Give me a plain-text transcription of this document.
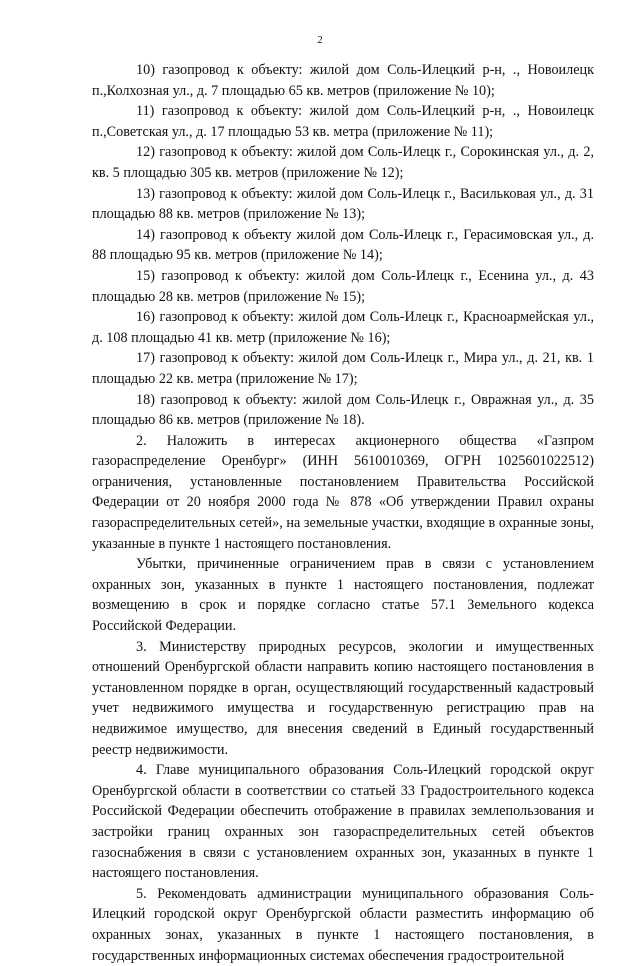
2

10) газопровод к объекту: жилой дом Соль-Илецкий р-н, ., Новоилецк п.,Колхозная ул., д. 7 площадью 65 кв. метров (приложение № 10);

11) газопровод к объекту: жилой дом Соль-Илецкий р-н, ., Новоилецк п.,Советская ул., д. 17 площадью 53 кв. метра (приложение № 11);

12) газопровод к объекту: жилой дом Соль-Илецк г., Сорокинская ул., д. 2, кв. 5 площадью 305 кв. метров (приложение № 12);

13) газопровод к объекту: жилой дом Соль-Илецк г., Васильковая ул., д. 31 площадью 88 кв. метров (приложение № 13);

14) газопровод к объекту жилой дом Соль-Илецк г., Герасимовская ул., д. 88 площадью 95 кв. метров (приложение № 14);

15) газопровод к объекту: жилой дом Соль-Илецк г., Есенина ул., д. 43 площадью 28 кв. метров (приложение № 15);

16) газопровод к объекту: жилой дом Соль-Илецк г., Красноармейская ул., д. 108 площадью 41 кв. метр (приложение № 16);

17) газопровод к объекту: жилой дом Соль-Илецк г., Мира ул., д. 21, кв. 1 площадью 22 кв. метра (приложение № 17);

18) газопровод к объекту: жилой дом Соль-Илецк г., Овражная ул., д. 35 площадью 86 кв. метров (приложение № 18).

2. Наложить в интересах акционерного общества «Газпром газораспределение Оренбург» (ИНН 5610010369, ОГРН 1025601022512) ограничения, установленные постановлением Правительства Российской Федерации от 20 ноября 2000 года № 878 «Об утверждении Правил охраны газораспределительных сетей», на земельные участки, входящие в охранные зоны, указанные в пункте 1 настоящего постановления.

Убытки, причиненные ограничением прав в связи с установлением охранных зон, указанных в пункте 1 настоящего постановления, подлежат возмещению в срок и порядке согласно статье 57.1 Земельного кодекса Российской Федерации.

3. Министерству природных ресурсов, экологии и имущественных отношений Оренбургской области направить копию настоящего постановления в установленном порядке в орган, осуществляющий государственный кадастровый учет недвижимого имущества и государственную регистрацию прав на недвижимое имущество, для внесения сведений в Единый государственный реестр недвижимости.

4. Главе муниципального образования Соль-Илецкий городской округ Оренбургской области в соответствии со статьей 33 Градостроительного кодекса Российской Федерации обеспечить отображение в правилах землепользования и застройки границ охранных зон газораспределительных сетей объектов газоснабжения в связи с установлением охранных зон, указанных в пункте 1 настоящего постановления.

5. Рекомендовать администрации муниципального образования Соль-Илецкий городской округ Оренбургской области разместить информацию об охранных зонах, указанных в пункте 1 настоящего постановления, в государственных информационных системах обеспечения градостроительной
